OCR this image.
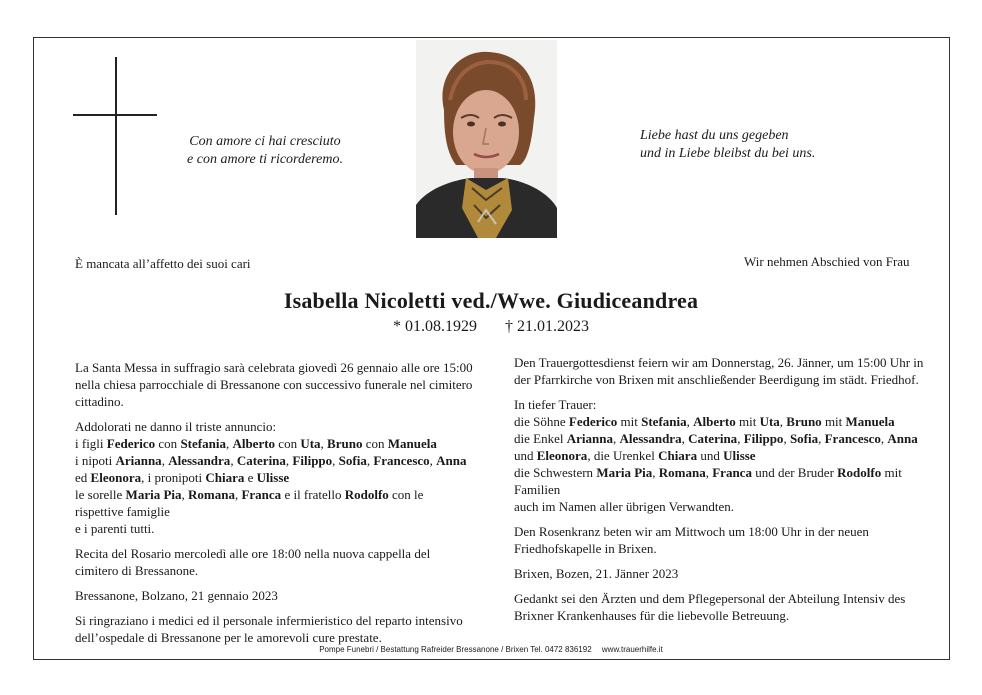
Con amore ci hai cresciuto
e con amore ti ricorderemo.
Liebe hast du uns gegeben
und in Liebe bleibst du bei uns.
È mancata all’affetto dei suoi cari	Wir nehmen Abschied von Frau
Isabella Nicoletti ved./Wwe. Giudiceandrea
* 01.08.1929 † 21.01.2023

La Santa Messa in suffragio sarà celebrata giovedì 26 gennaio alle ore 15:00 nella chiesa parrocchiale di Bressanone con successivo funerale nel cimitero cittadino.

Addolorati ne danno il triste annuncio:
i figli Federico con Stefania, Alberto con Uta, Bruno con Manuela
i nipoti Arianna, Alessandra, Caterina, Filippo, Sofia, Francesco, Anna ed Eleonora, i pronipoti Chiara e Ulisse
le sorelle Maria Pia, Romana, Franca e il fratello Rodolfo con le rispettive famiglie
e i parenti tutti.

Recita del Rosario mercoledì alle ore 18:00 nella nuova cappella del cimitero di Bressanone.

Bressanone, Bolzano, 21 gennaio 2023

Si ringraziano i medici ed il personale infermieristico del reparto intensivo dell’ospedale di Bressanone per le amorevoli cure prestate.

Den Trauergottesdienst feiern wir am Donnerstag, 26. Jänner, um 15:00 Uhr in der Pfarrkirche von Brixen mit anschließender Beerdigung im städt. Friedhof.

In tiefer Trauer:
die Söhne Federico mit Stefania, Alberto mit Uta, Bruno mit Manuela
die Enkel Arianna, Alessandra, Caterina, Filippo, Sofia, Francesco, Anna und Eleonora, die Urenkel Chiara und Ulisse
die Schwestern Maria Pia, Romana, Franca und der Bruder Rodolfo mit Familien
auch im Namen aller übrigen Verwandten.

Den Rosenkranz beten wir am Mittwoch um 18:00 Uhr in der neuen Friedhofskapelle in Brixen.

Brixen, Bozen, 21. Jänner 2023

Gedankt sei den Ärzten und dem Pflegepersonal der Abteilung Intensiv des Brixner Krankenhauses für die liebevolle Betreuung.

Pompe Funebri / Bestattung Rafreider Bressanone / Brixen Tel. 0472 836192 www.trauerhilfe.it
